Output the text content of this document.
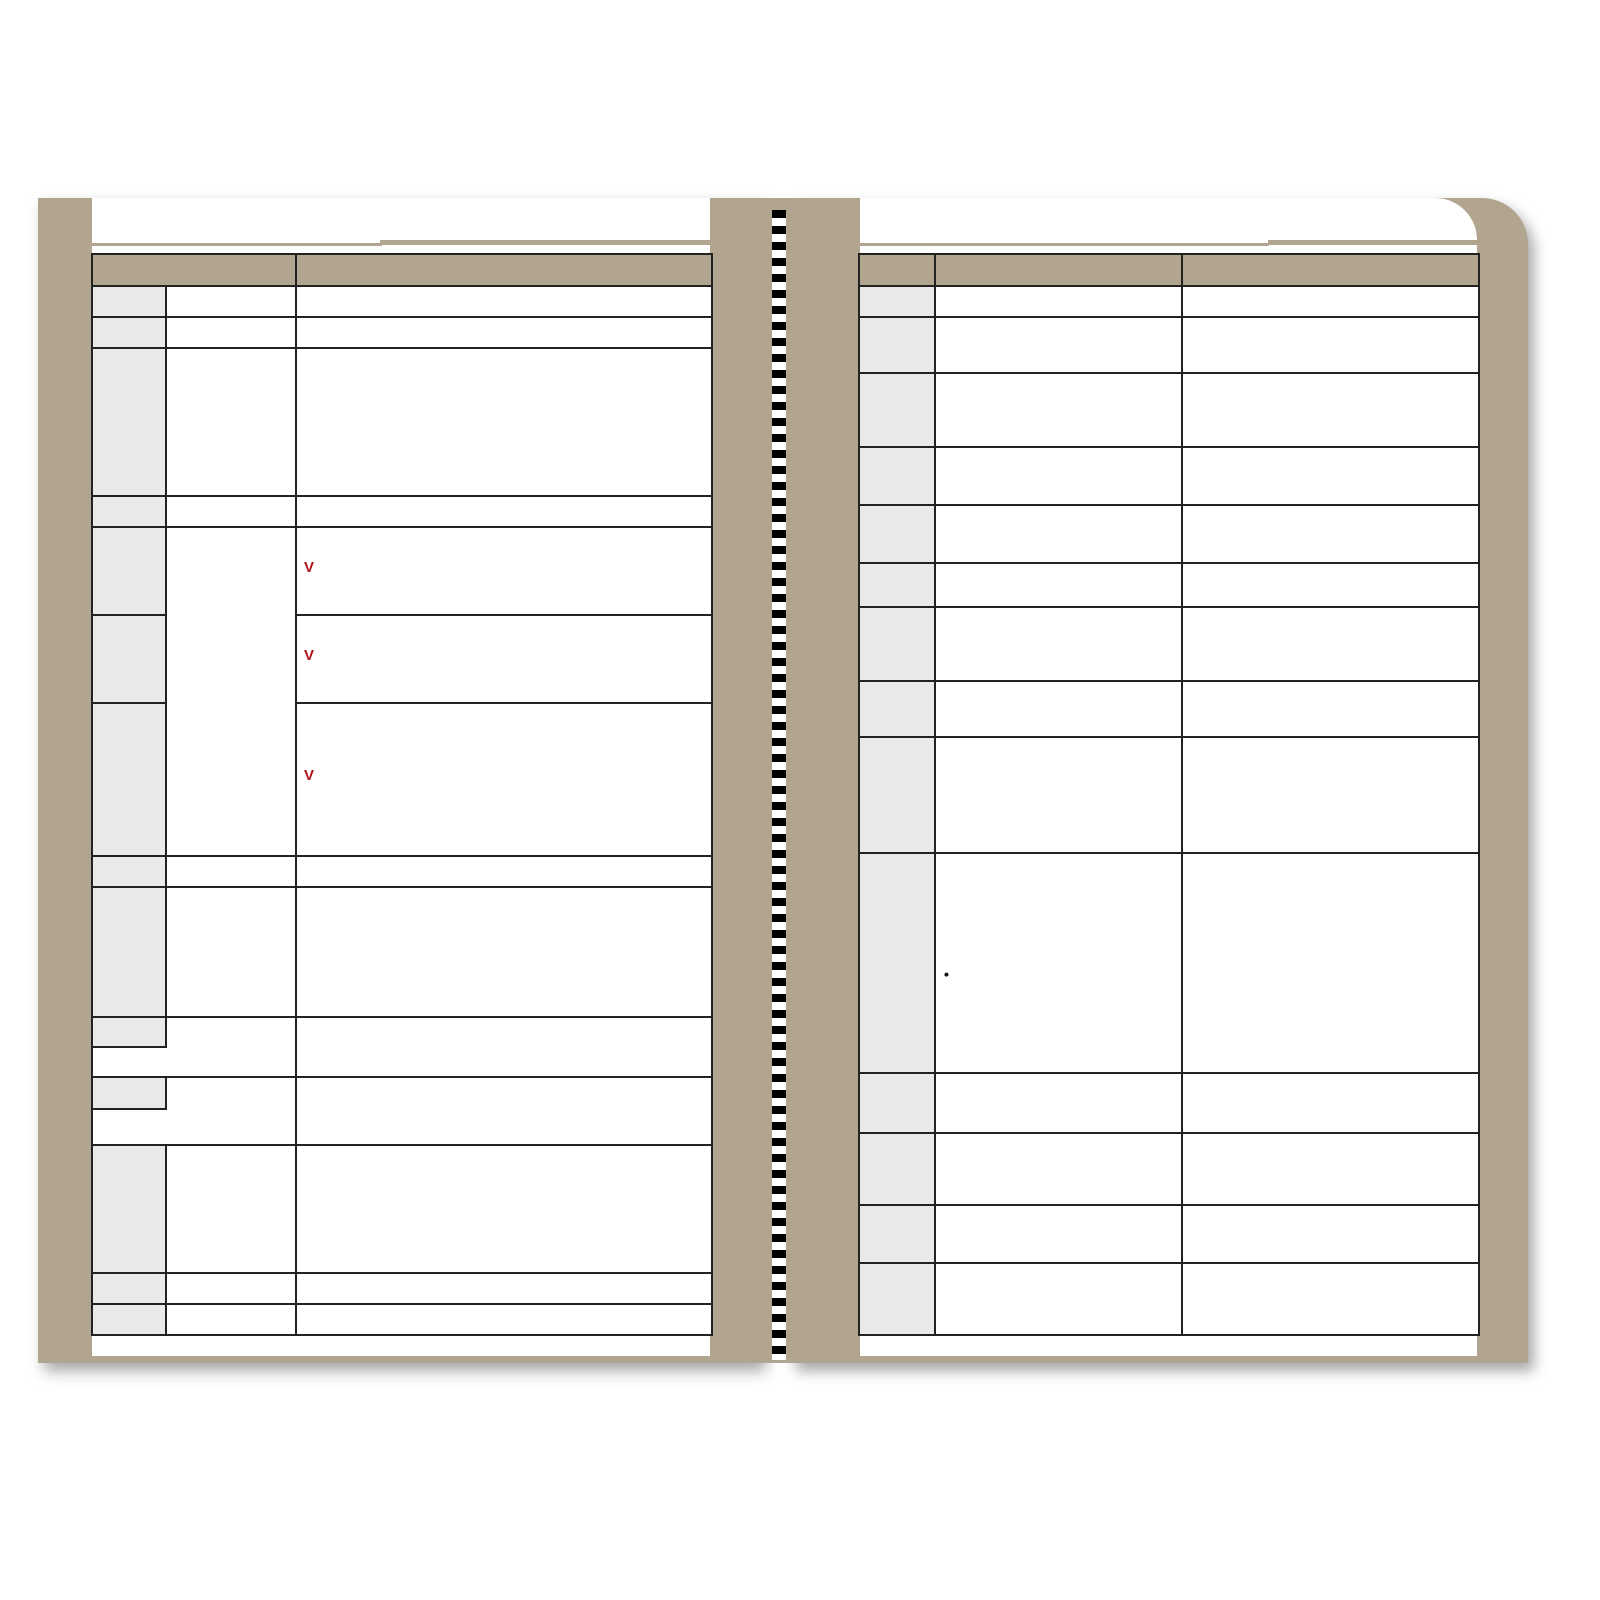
		V

		V

		V
